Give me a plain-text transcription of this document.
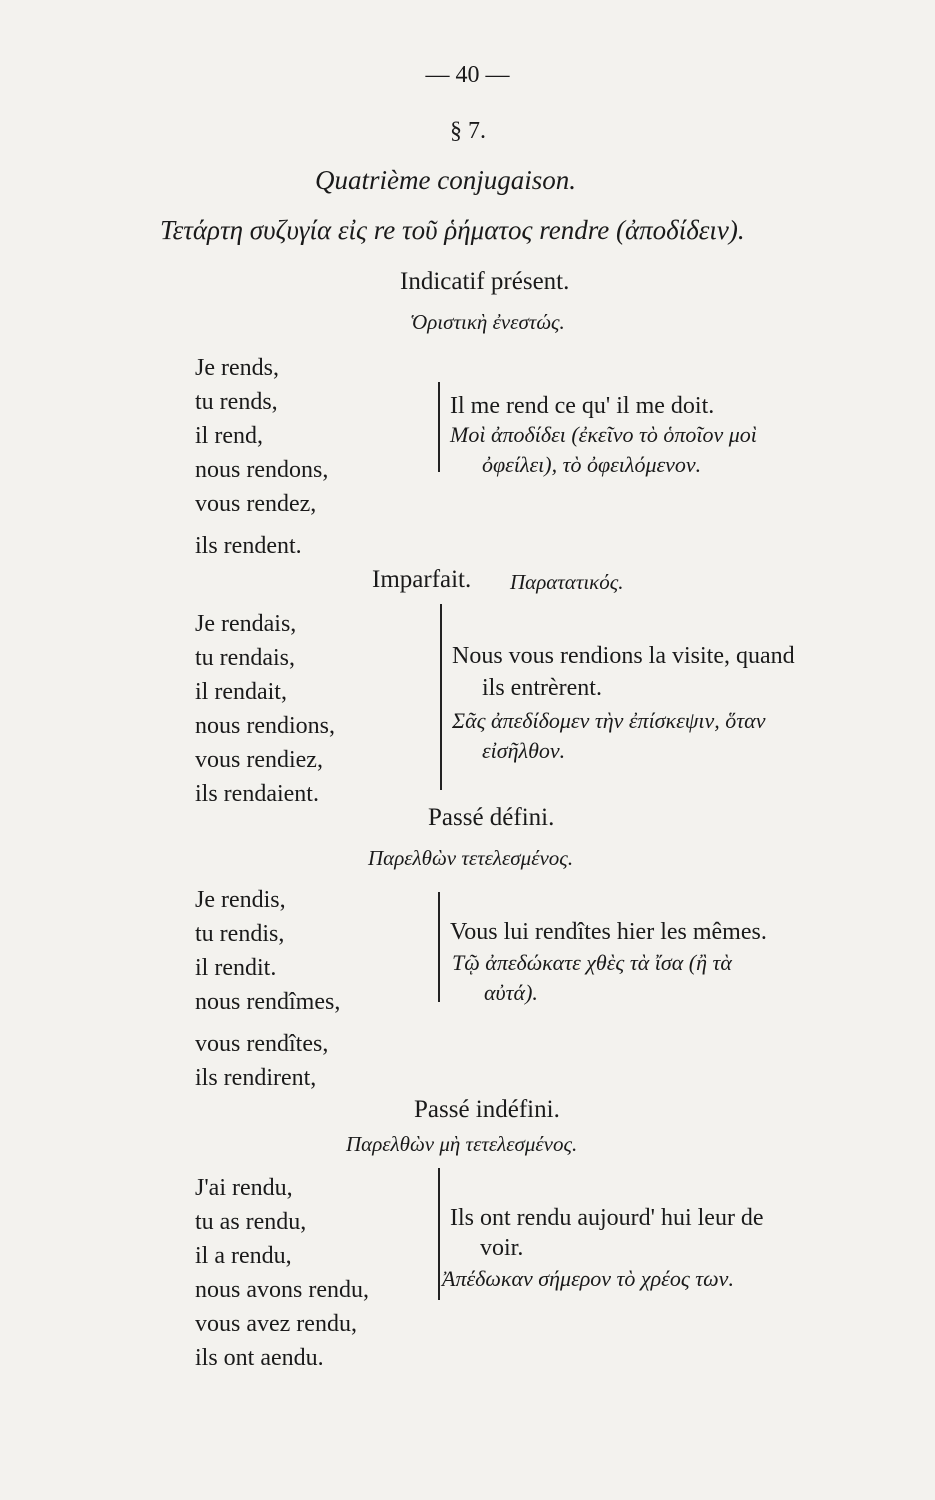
— 40 —
§ 7.
Quatrième conjugaison.
Τετάρτη συζυγία εἰς re τοῦ ῥήματος rendre (ἀποδίδειν).
Indicatif présent.
Ὁριστικὴ ἐνεστώς.
Je rends,
tu rends,
il rend,
nous rendons,
vous rendez,
ils rendent.
Il me rend ce qu' il me doit.
Μοὶ ἀποδίδει (ἐκεῖνο τὸ ὁποῖον μοὶ
ὀφείλει), τὸ ὀφειλόμενον.
Imparfait. Παρατατικός.
Je rendais,
tu rendais,
il rendait,
nous rendions,
vous rendiez,
ils rendaient.
Nous vous rendions la visite, quand
ils entrèrent.
Σᾶς ἀπεδίδομεν τὴν ἐπίσκεψιν, ὅταν
εἰσῆλθον.
Passé défini.
Παρελθὼν τετελεσμένος.
Je rendis,
tu rendis,
il rendit.
nous rendîmes,
vous rendîtes,
ils rendirent,
Vous lui rendîtes hier les mêmes.
Τῷ ἀπεδώκατε χθὲς τὰ ἴσα (ἢ τὰ
αὐτά).
Passé indéfini.
Παρελθὼν μὴ τετελεσμένος.
J'ai rendu,
tu as rendu,
il a rendu,
nous avons rendu,
vous avez rendu,
ils ont aendu.
Ils ont rendu aujourd' hui leur de
voir.
Ἀπέδωκαν σήμερον τὸ χρέος των.
